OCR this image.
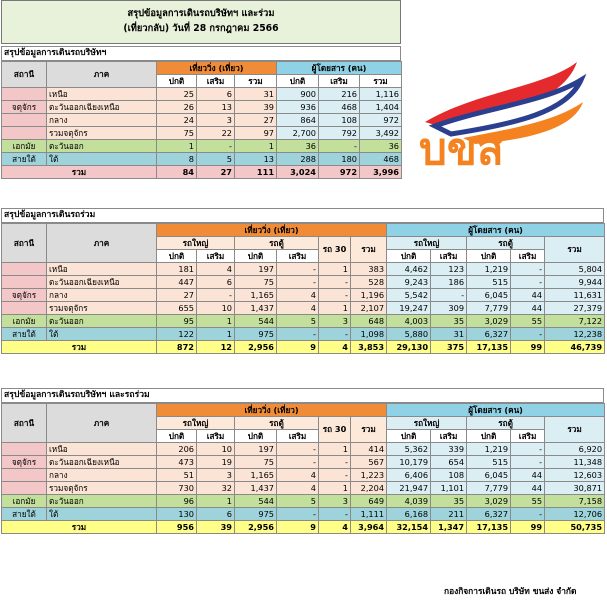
สรุปข้อมูลการเดินรถบริษัทฯ และร่วม
(เที่ยวกลับ) วันที่ 28 กรกฎาคม 2566
สรุปข้อมูลการเดินรถบริษัทฯ
สถานี	ภาค	เที่ยววิ่ง (เที่ยว)			ผู้โดยสาร (คน)		
		ปกติ	เสริม	รวม	ปกติ	เสริม	รวม
	เหนือ	25	6	31	900	216	1,116
จตุจักร	ตะวันออกเฉียงเหนือ	26	13	39	936	468	1,404
	กลาง	24	3	27	864	108	972
	รวมจตุจักร	75	22	97	2,700	792	3,492
เอกมัย	ตะวันออก	1	-	1	36	-	36
สายใต้	ใต้	8	5	13	288	180	468
รวม		84	27	111	3,024	972	3,996 บขส
สรุปข้อมูลการเดินรถร่วม
สถานี	ภาค	เที่ยววิ่ง (เที่ยว)						ผู้โดยสาร (คน)				
		รถใหญ่		รถตู้		รถ 30	รวม	รถใหญ่		รถตู้		รวม
		ปกติ	เสริม	ปกติ	เสริม			ปกติ	เสริม	ปกติ	เสริม	
	เหนือ	181	4	197	-	1	383	4,462	123	1,219	-	5,804
	ตะวันออกเฉียงเหนือ	447	6	75	-	-	528	9,243	186	515	-	9,944
จตุจักร	กลาง	27	-	1,165	4	-	1,196	5,542	-	6,045	44	11,631
	รวมจตุจักร	655	10	1,437	4	1	2,107	19,247	309	7,779	44	27,379
เอกมัย	ตะวันออก	95	1	544	5	3	648	4,003	35	3,029	55	7,122
สายใต้	ใต้	122	1	975	-	-	1,098	5,880	31	6,327	-	12,238
รวม		872	12	2,956	9	4	3,853	29,130	375	17,135	99	46,739
สรุปข้อมูลการเดินรถบริษัทฯ และรถร่วม
สถานี	ภาค	เที่ยววิ่ง (เที่ยว)						ผู้โดยสาร (คน)				
		รถใหญ่		รถตู้		รถ 30	รวม	รถใหญ่		รถตู้		รวม
		ปกติ	เสริม	ปกติ	เสริม			ปกติ	เสริม	ปกติ	เสริม	
	เหนือ	206	10	197	-	1	414	5,362	339	1,219	-	6,920
จตุจักร	ตะวันออกเฉียงเหนือ	473	19	75	-	-	567	10,179	654	515	-	11,348
	กลาง	51	3	1,165	4	-	1,223	6,406	108	6,045	44	12,603
	รวมจตุจักร	730	32	1,437	4	1	2,204	21,947	1,101	7,779	44	30,871
เอกมัย	ตะวันออก	96	1	544	5	3	649	4,039	35	3,029	55	7,158
สายใต้	ใต้	130	6	975	-	-	1,111	6,168	211	6,327	-	12,706
รวม		956	39	2,956	9	4	3,964	32,154	1,347	17,135	99	50,735
กองกิจการเดินรถ บริษัท ขนส่ง จำกัด
